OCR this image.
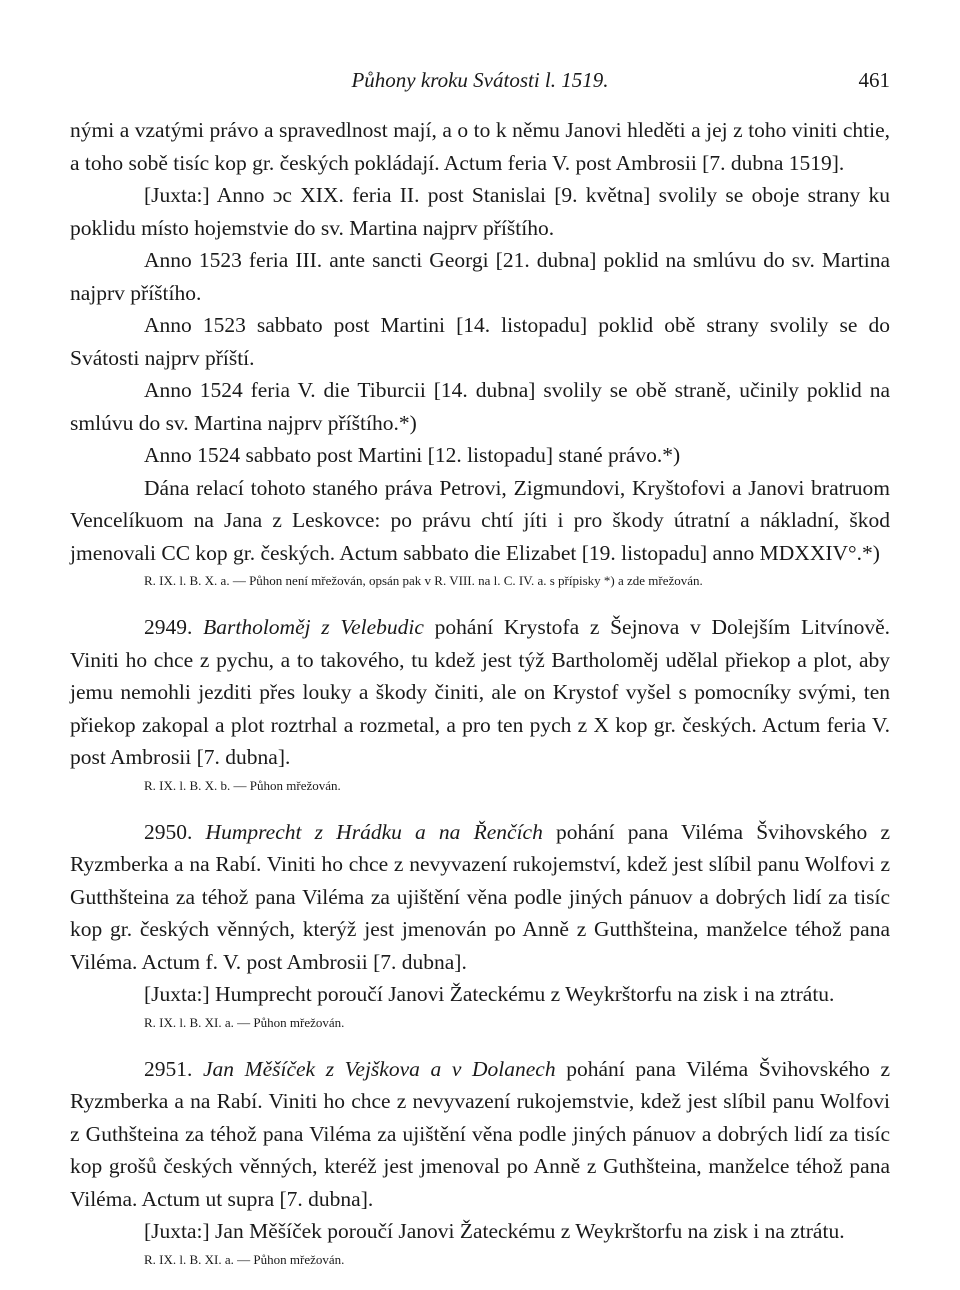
Půhony kroku Svátosti l. 1519.	461

nými a vzatými právo a spravedlnost mají, a o to k němu Janovi hleděti a jej z toho viniti chtie, a toho sobě tisíc kop gr. českých pokládají. Actum feria V. post Ambrosii [7. dubna 1519].

[Juxta:] Anno ɔc XIX. feria II. post Stanislai [9. května] svolily se oboje strany ku poklidu místo hojemstvie do sv. Martina najprv příštího.

Anno 1523 feria III. ante sancti Georgi [21. dubna] poklid na smlúvu do sv. Martina najprv příštího.

Anno 1523 sabbato post Martini [14. listopadu] poklid obě strany svolily se do Svátosti najprv příští.

Anno 1524 feria V. die Tiburcii [14. dubna] svolily se obě straně, učinily poklid na smlúvu do sv. Martina najprv příštího.*)

Anno 1524 sabbato post Martini [12. listopadu] stané právo.*)

Dána relací tohoto staného práva Petrovi, Zigmundovi, Kryštofovi a Janovi bratruom Vencelíkuom na Jana z Leskovce: po právu chtí jíti i pro škody útratní a nákladní, škod jmenovali CC kop gr. českých. Actum sabbato die Elizabet [19. listopadu] anno MDXXIV°.*)

R. IX. l. B. X. a. — Půhon není mřežován, opsán pak v R. VIII. na l. C. IV. a. s přípisky *) a zde mřežován.

2949. Bartholoměj z Velebudic pohání Krystofa z Šejnova v Dolejším Litvínově. Viniti ho chce z pychu, a to takového, tu kdež jest týž Bartholoměj udělal přiekop a plot, aby jemu nemohli jezditi přes louky a škody činiti, ale on Krystof vyšel s pomocníky svými, ten přiekop zakopal a plot roztrhal a rozmetal, a pro ten pych z X kop gr. českých. Actum feria V. post Ambrosii [7. dubna].

R. IX. l. B. X. b. — Půhon mřežován.

2950. Humprecht z Hrádku a na Řenčích pohání pana Viléma Švihovského z Ryzmberka a na Rabí. Viniti ho chce z nevyvazení rukojemství, kdež jest slíbil panu Wolfovi z Gutthšteina za téhož pana Viléma za ujištění věna podle jiných pánuov a dobrých lidí za tisíc kop gr. českých věnných, kterýž jest jmenován po Anně z Gutthšteina, manželce téhož pana Viléma. Actum f. V. post Ambrosii [7. dubna].

[Juxta:] Humprecht poroučí Janovi Žateckému z Weykrštorfu na zisk i na ztrátu.

R. IX. l. B. XI. a. — Půhon mřežován.

2951. Jan Měšíček z Vejškova a v Dolanech pohání pana Viléma Švihovského z Ryzmberka a na Rabí. Viniti ho chce z nevyvazení rukojemstvie, kdež jest slíbil panu Wolfovi z Guthšteina za téhož pana Viléma za ujištění věna podle jiných pánuov a dobrých lidí za tisíc kop grošů českých věnných, kteréž jest jmenoval po Anně z Guthšteina, manželce téhož pana Viléma. Actum ut supra [7. dubna].

[Juxta:] Jan Měšíček poroučí Janovi Žateckému z Weykrštorfu na zisk i na ztrátu.

R. IX. l. B. XI. a. — Půhon mřežován.
